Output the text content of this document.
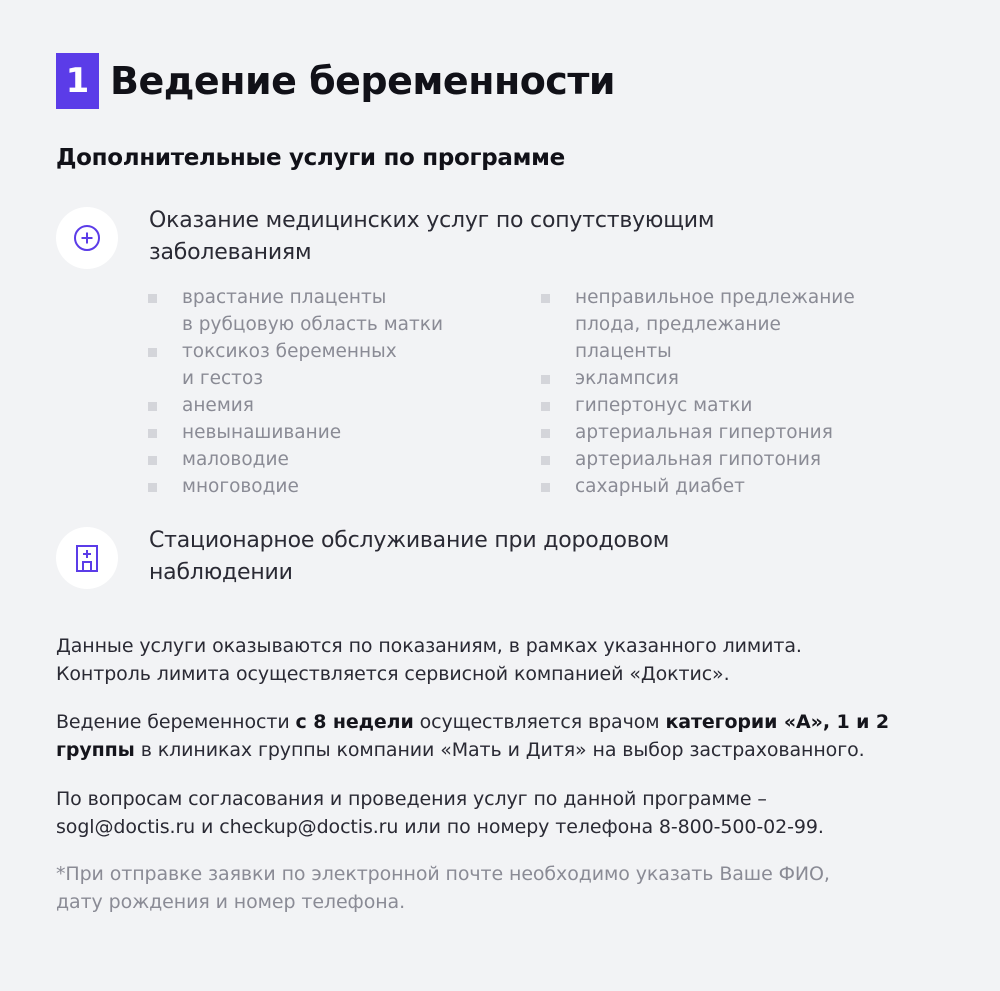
1 Ведение беременности
Дополнительные услуги по программе
Оказание медицинских услуг по сопутствующим
заболеваниям
врастание плаценты
в рубцовую область матки
токсикоз беременных
и гестоз
анемия
невынашивание
маловодие
многоводие
неправильное предлежание
плода, предлежание
плаценты
эклампсия
гипертонус матки
артериальная гипертония
артериальная гипотония
сахарный диабет
Стационарное обслуживание при дородовом
наблюдении
Данные услуги оказываются по показаниям, в рамках указанного лимита.
Контроль лимита осуществляется сервисной компанией «Доктис».
Ведение беременности с 8 недели осуществляется врачом категории «А», 1 и 2
группы в клиниках группы компании «Мать и Дитя» на выбор застрахованного.
По вопросам согласования и проведения услуг по данной программе –
sogl@doctis.ru и checkup@doctis.ru или по номеру телефона 8-800-500-02-99.
*При отправке заявки по электронной почте необходимо указать Ваше ФИО,
дату рождения и номер телефона.
